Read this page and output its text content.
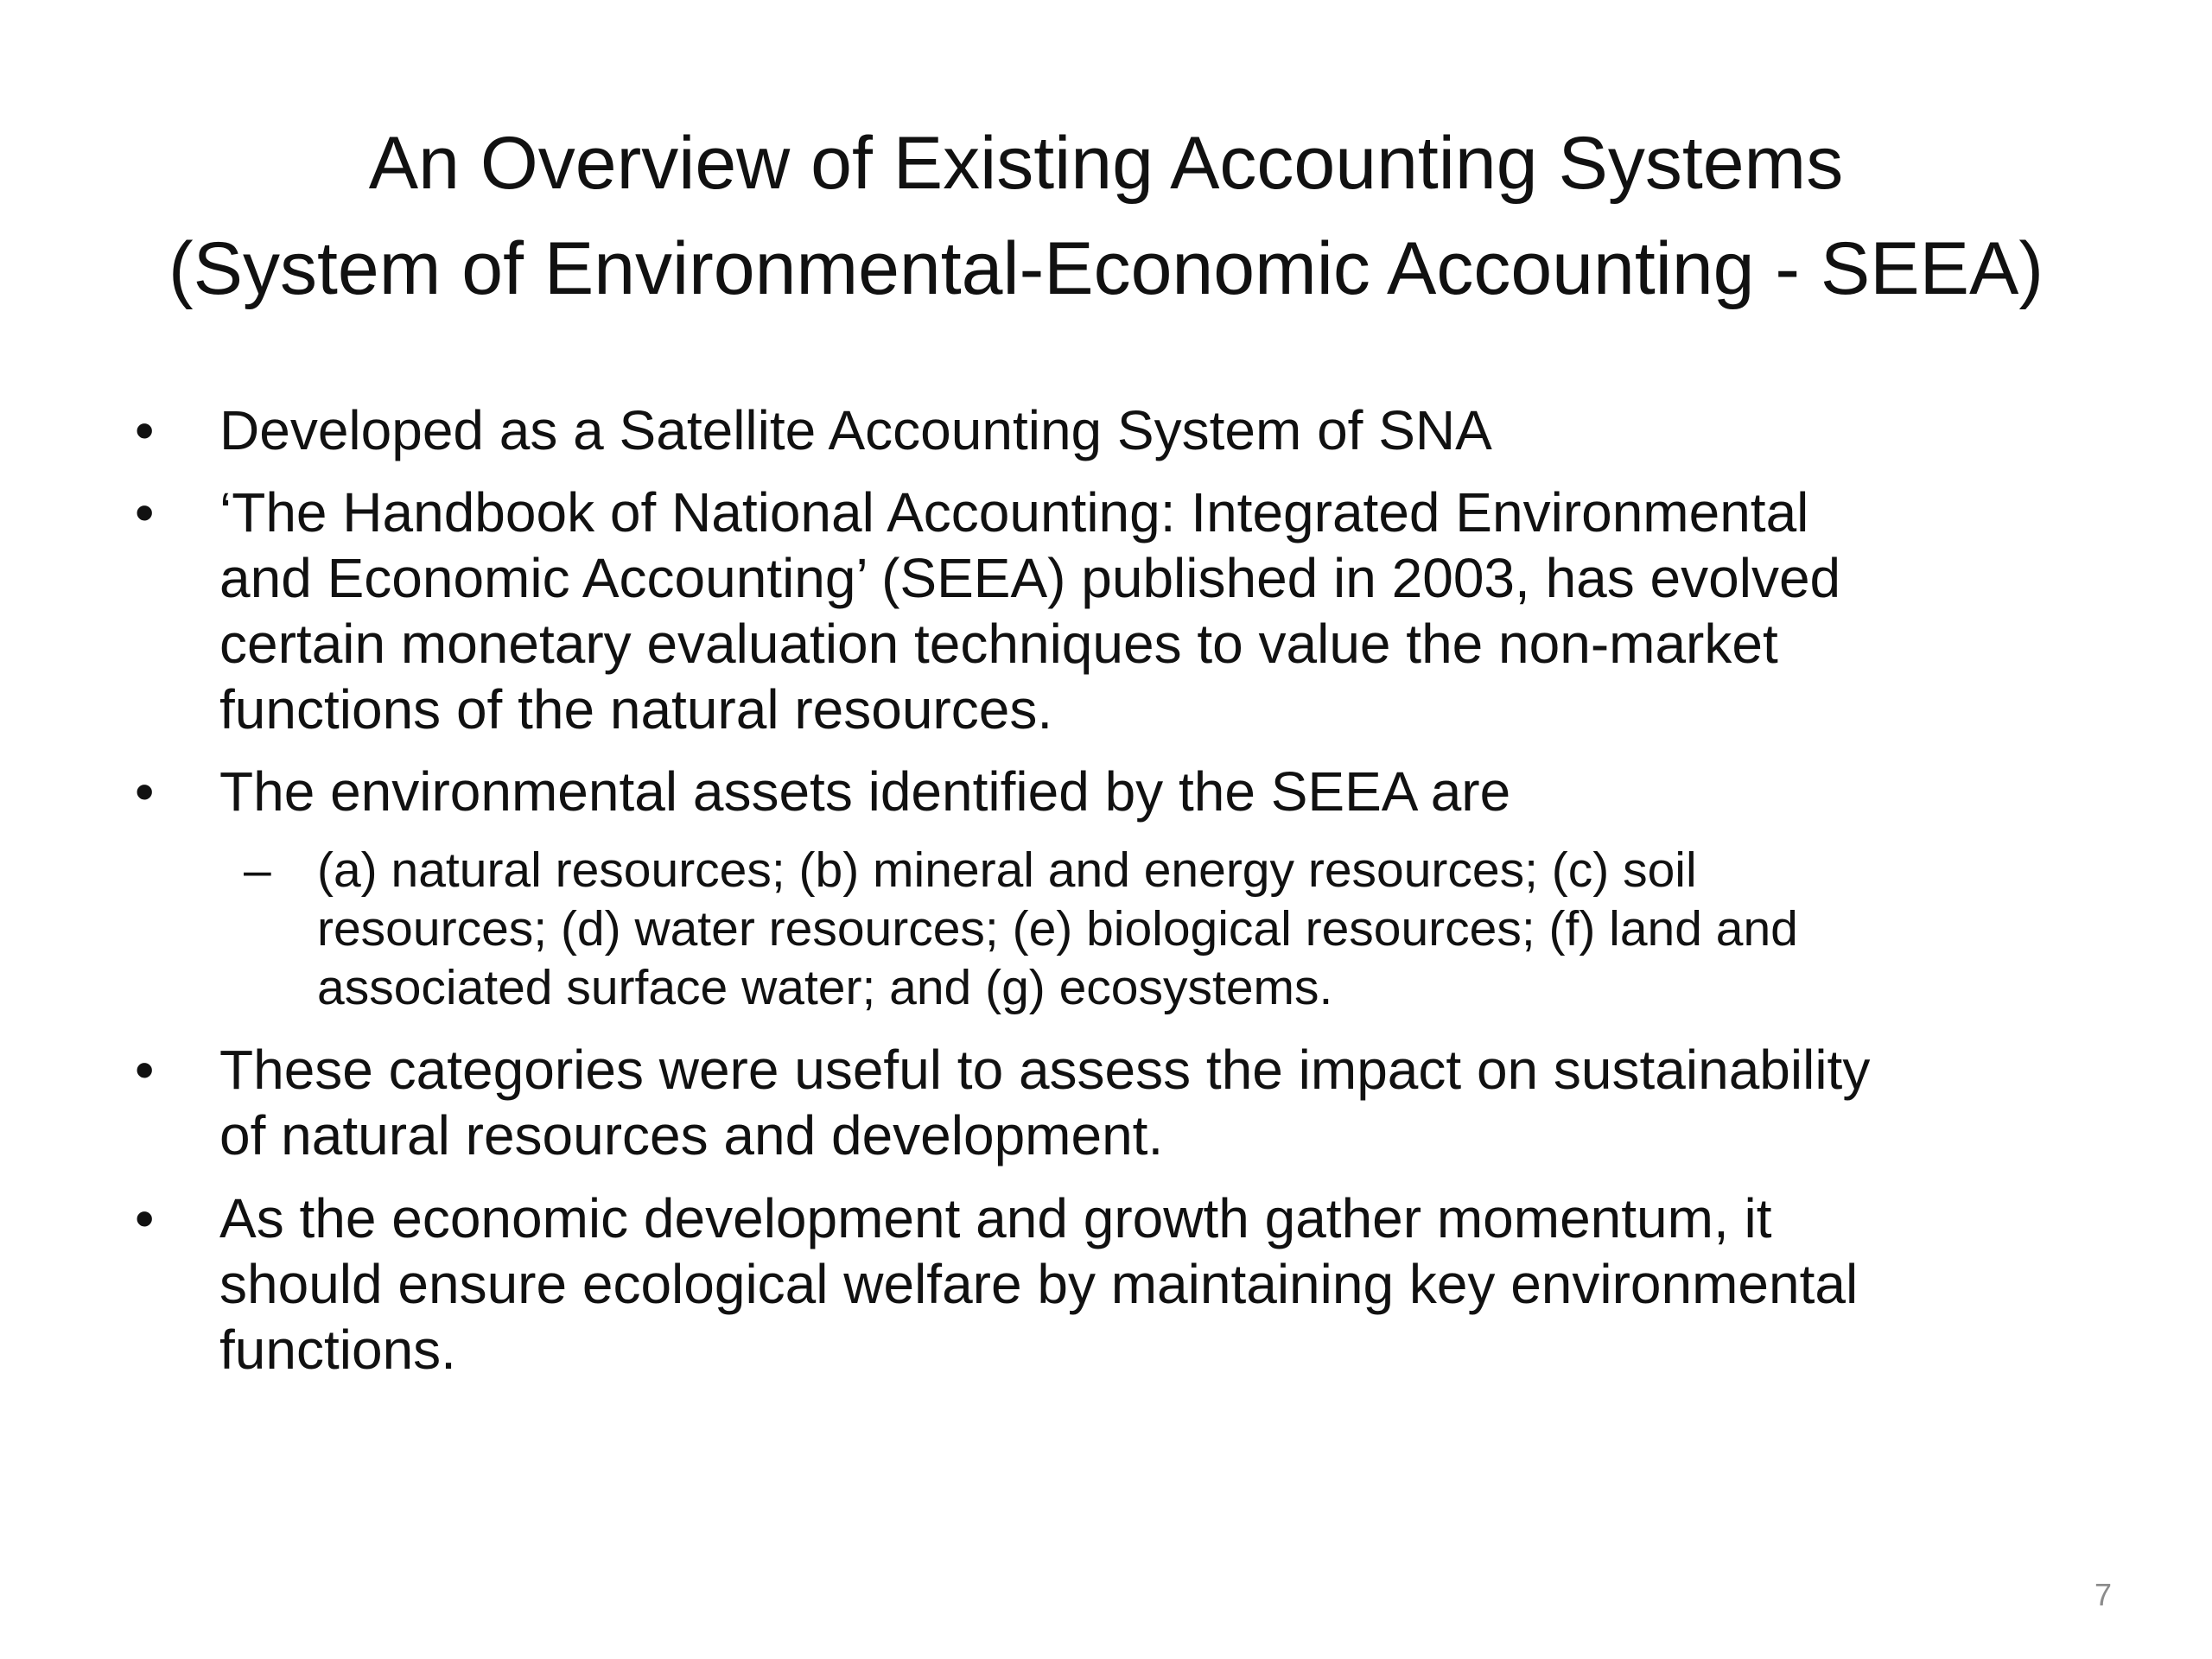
An Overview of Existing Accounting Systems
(System of Environmental-Economic Accounting - SEEA)
• Developed as a Satellite Accounting System of SNA
• ‘The Handbook of National Accounting: Integrated Environmental
and Economic Accounting’ (SEEA) published in 2003, has evolved
certain monetary evaluation techniques to value the non-market
functions of the natural resources.
• The environmental assets identified by the SEEA are
– (a) natural resources; (b) mineral and energy resources; (c) soil
resources; (d) water resources; (e) biological resources; (f) land and
associated surface water; and (g) ecosystems.
• These categories were useful to assess the impact on sustainability
of natural resources and development.
• As the economic development and growth gather momentum, it
should ensure ecological welfare by maintaining key environmental
functions.
7
